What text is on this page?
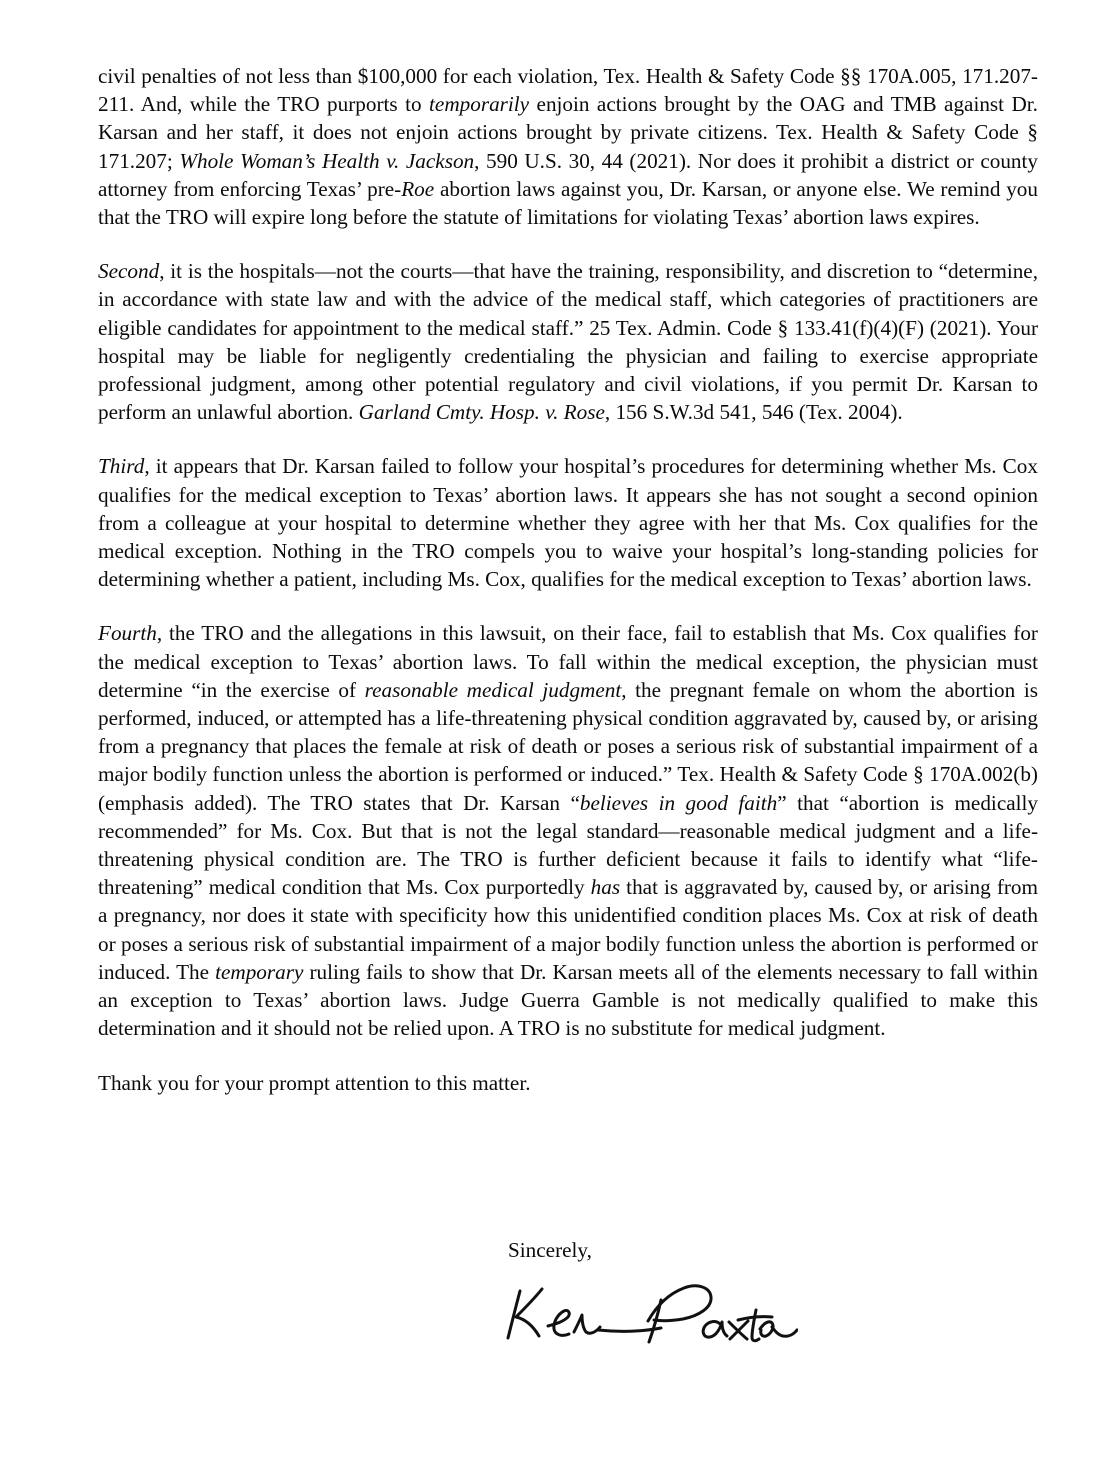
civil penalties of not less than $100,000 for each violation, Tex. Health & Safety Code §§ 170A.005, 171.207-211. And, while the TRO purports to temporarily enjoin actions brought by the OAG and TMB against Dr. Karsan and her staff, it does not enjoin actions brought by private citizens. Tex. Health & Safety Code § 171.207; Whole Woman’s Health v. Jackson, 590 U.S. 30, 44 (2021). Nor does it prohibit a district or county attorney from enforcing Texas’ pre-Roe abortion laws against you, Dr. Karsan, or anyone else. We remind you that the TRO will expire long before the statute of limitations for violating Texas’ abortion laws expires.

Second, it is the hospitals—not the courts—that have the training, responsibility, and discretion to “determine, in accordance with state law and with the advice of the medical staff, which categories of practitioners are eligible candidates for appointment to the medical staff.” 25 Tex. Admin. Code § 133.41(f)(4)(F) (2021). Your hospital may be liable for negligently credentialing the physician and failing to exercise appropriate professional judgment, among other potential regulatory and civil violations, if you permit Dr. Karsan to perform an unlawful abortion. Garland Cmty. Hosp. v. Rose, 156 S.W.3d 541, 546 (Tex. 2004).

Third, it appears that Dr. Karsan failed to follow your hospital’s procedures for determining whether Ms. Cox qualifies for the medical exception to Texas’ abortion laws. It appears she has not sought a second opinion from a colleague at your hospital to determine whether they agree with her that Ms. Cox qualifies for the medical exception. Nothing in the TRO compels you to waive your hospital’s long-standing policies for determining whether a patient, including Ms. Cox, qualifies for the medical exception to Texas’ abortion laws.

Fourth, the TRO and the allegations in this lawsuit, on their face, fail to establish that Ms. Cox qualifies for the medical exception to Texas’ abortion laws. To fall within the medical exception, the physician must determine “in the exercise of reasonable medical judgment, the pregnant female on whom the abortion is performed, induced, or attempted has a life-threatening physical condition aggravated by, caused by, or arising from a pregnancy that places the female at risk of death or poses a serious risk of substantial impairment of a major bodily function unless the abortion is performed or induced.” Tex. Health & Safety Code § 170A.002(b) (emphasis added). The TRO states that Dr. Karsan “believes in good faith” that “abortion is medically recommended” for Ms. Cox. But that is not the legal standard—reasonable medical judgment and a life-threatening physical condition are. The TRO is further deficient because it fails to identify what “life-threatening” medical condition that Ms. Cox purportedly has that is aggravated by, caused by, or arising from a pregnancy, nor does it state with specificity how this unidentified condition places Ms. Cox at risk of death or poses a serious risk of substantial impairment of a major bodily function unless the abortion is performed or induced. The temporary ruling fails to show that Dr. Karsan meets all of the elements necessary to fall within an exception to Texas’ abortion laws. Judge Guerra Gamble is not medically qualified to make this determination and it should not be relied upon. A TRO is no substitute for medical judgment.

Thank you for your prompt attention to this matter.

Sincerely,
